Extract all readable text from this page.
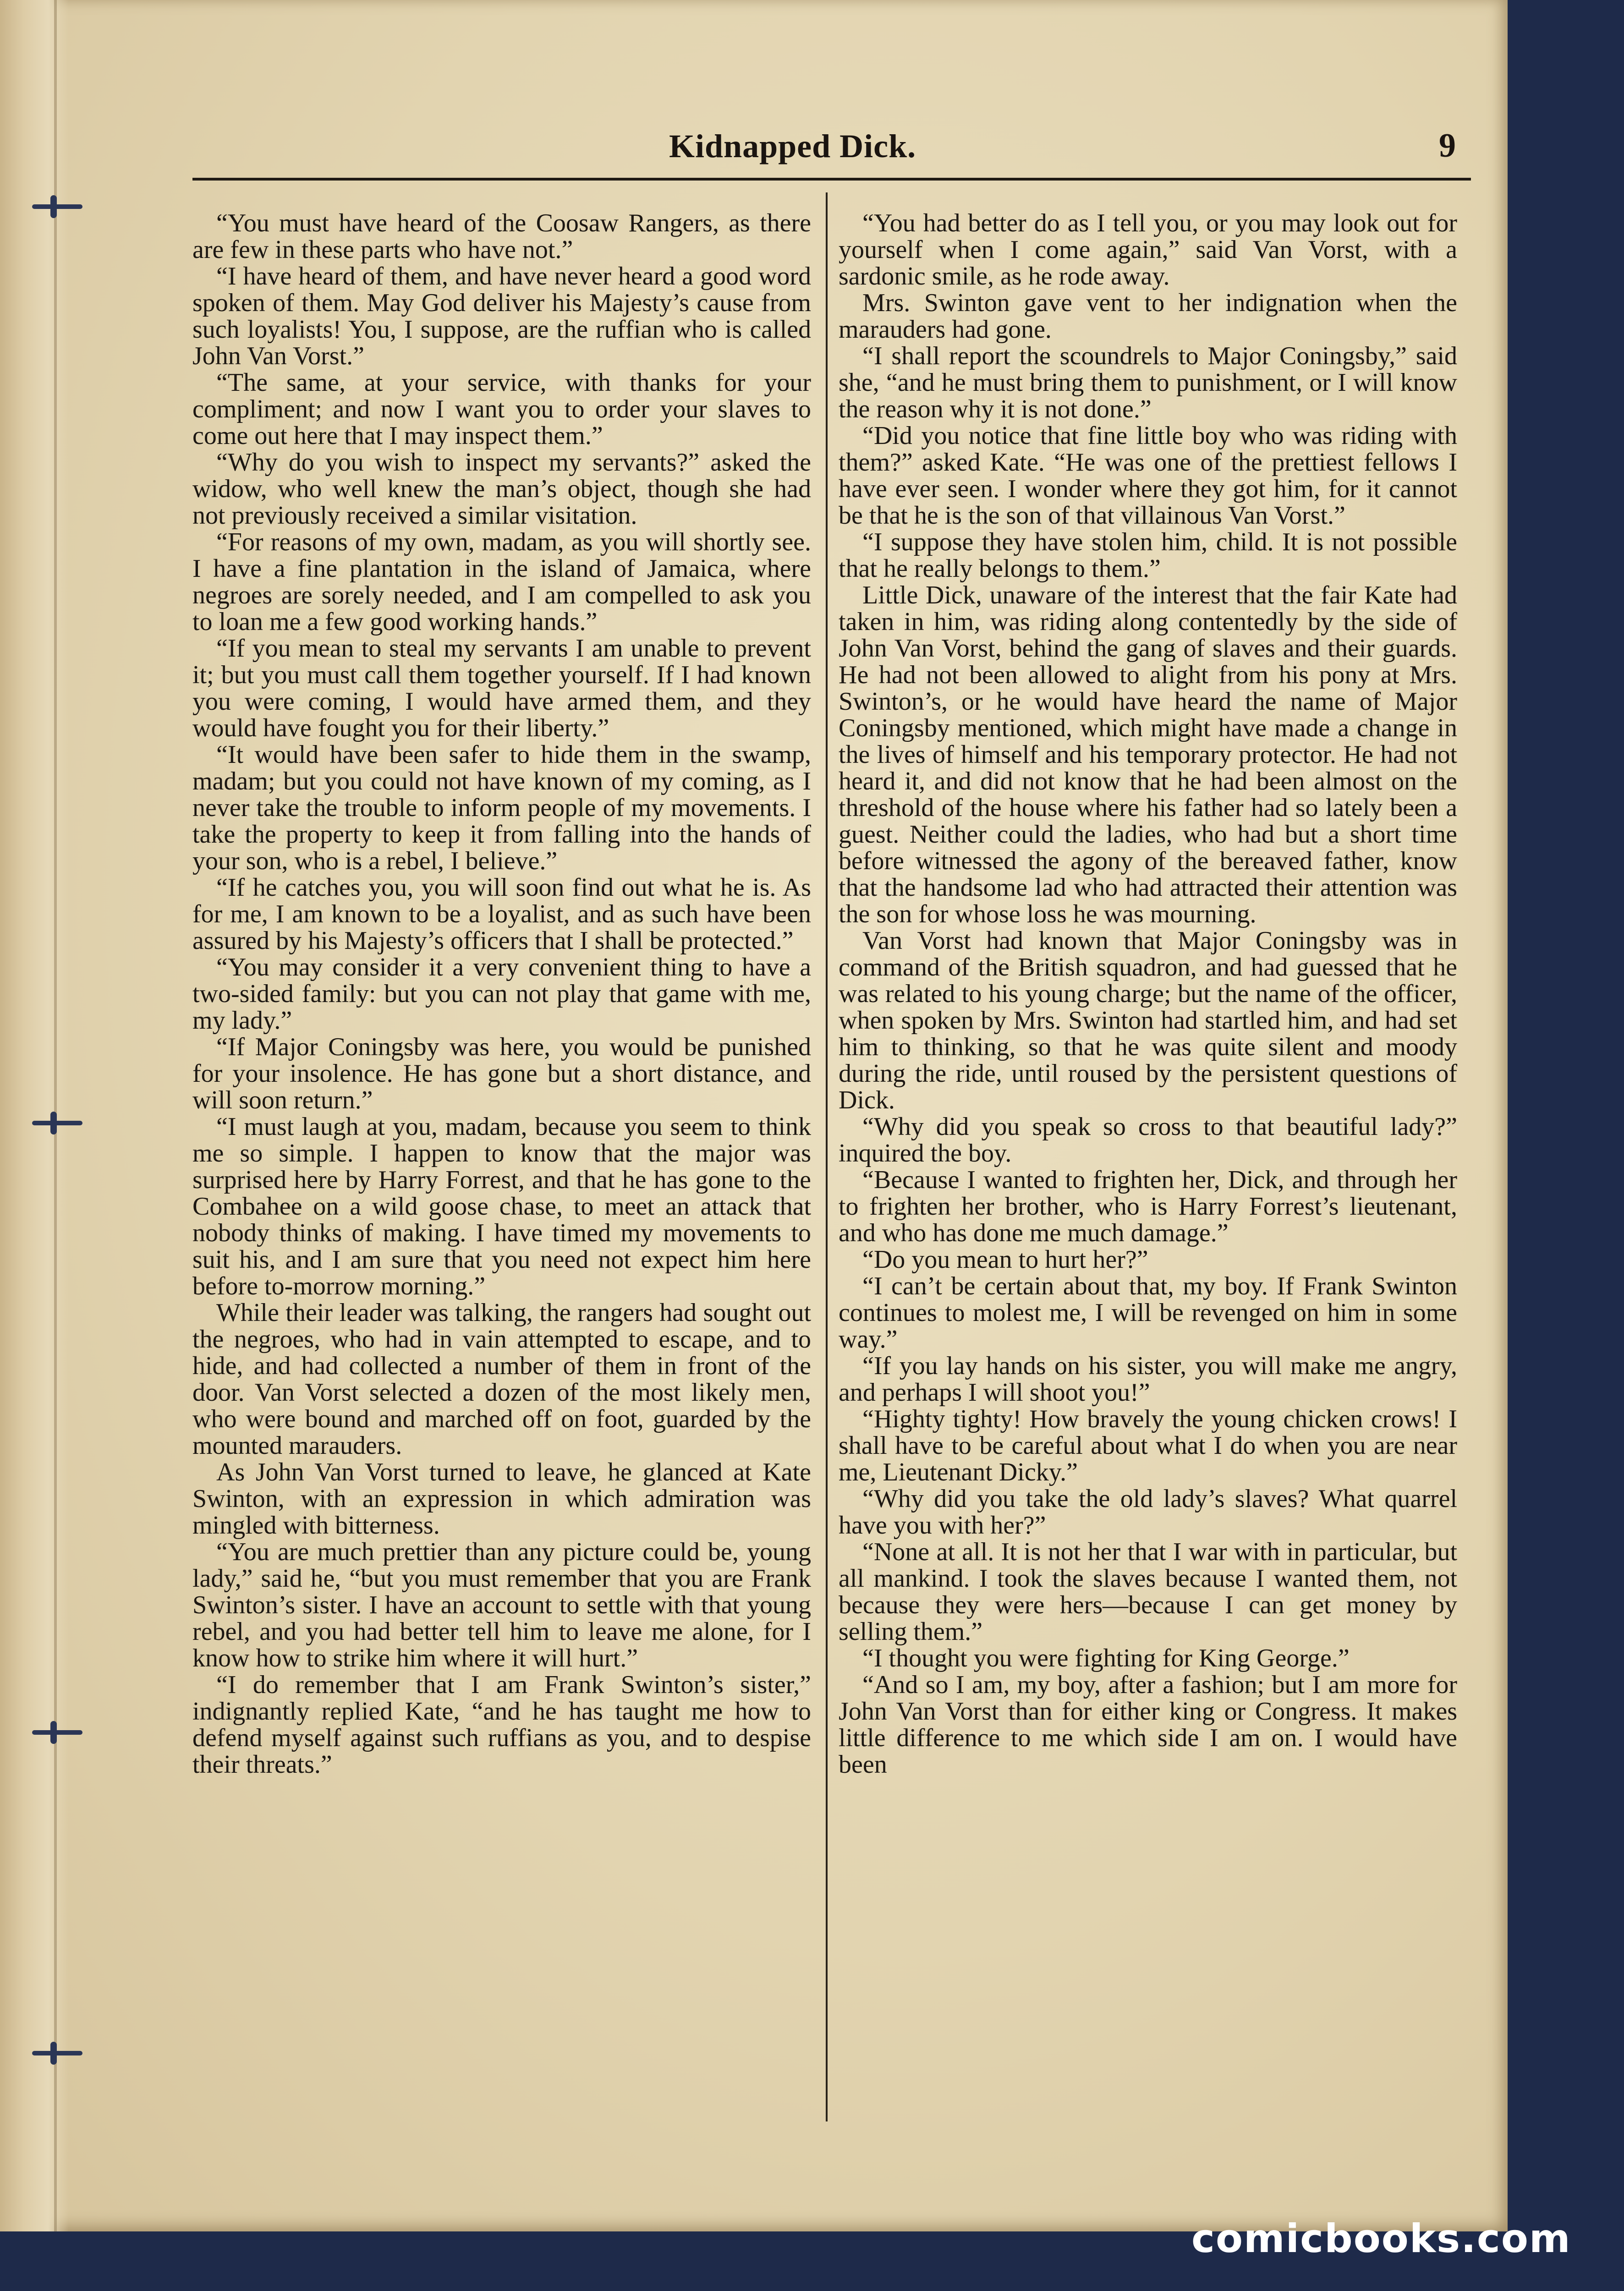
Kidnapped Dick.	9

“You must have heard of the Coosaw Rangers, as there are few in these parts who have not.”

“I have heard of them, and have never heard a good word spoken of them. May God deliver his Majesty’s cause from such loyalists! You, I suppose, are the ruffian who is called John Van Vorst.”

“The same, at your service, with thanks for your compliment; and now I want you to order your slaves to come out here that I may inspect them.”

“Why do you wish to inspect my servants?” asked the widow, who well knew the man’s object, though she had not previously received a similar visitation.

“For reasons of my own, madam, as you will shortly see. I have a fine plantation in the island of Jamaica, where negroes are sorely needed, and I am compelled to ask you to loan me a few good working hands.”

“If you mean to steal my servants I am unable to prevent it; but you must call them together yourself. If I had known you were coming, I would have armed them, and they would have fought you for their liberty.”

“It would have been safer to hide them in the swamp, madam; but you could not have known of my coming, as I never take the trouble to inform people of my movements. I take the property to keep it from falling into the hands of your son, who is a rebel, I believe.”

“If he catches you, you will soon find out what he is. As for me, I am known to be a loyalist, and as such have been assured by his Majesty’s officers that I shall be protected.”

“You may consider it a very convenient thing to have a two-sided family: but you can not play that game with me, my lady.”

“If Major Coningsby was here, you would be punished for your insolence. He has gone but a short distance, and will soon return.”

“I must laugh at you, madam, because you seem to think me so simple. I happen to know that the major was surprised here by Harry Forrest, and that he has gone to the Combahee on a wild goose chase, to meet an attack that nobody thinks of making. I have timed my movements to suit his, and I am sure that you need not expect him here before to-morrow morning.”

While their leader was talking, the rangers had sought out the negroes, who had in vain attempted to escape, and to hide, and had collected a number of them in front of the door. Van Vorst selected a dozen of the most likely men, who were bound and marched off on foot, guarded by the mounted marauders.

As John Van Vorst turned to leave, he glanced at Kate Swinton, with an expression in which admiration was mingled with bitterness.

“You are much prettier than any picture could be, young lady,” said he, “but you must remember that you are Frank Swinton’s sister. I have an account to settle with that young rebel, and you had better tell him to leave me alone, for I know how to strike him where it will hurt.”

“I do remember that I am Frank Swinton’s sister,” indignantly replied Kate, “and he has taught me how to defend myself against such ruffians as you, and to despise their threats.”

“You had better do as I tell you, or you may look out for yourself when I come again,” said Van Vorst, with a sardonic smile, as he rode away.

Mrs. Swinton gave vent to her indignation when the marauders had gone.

“I shall report the scoundrels to Major Coningsby,” said she, “and he must bring them to punishment, or I will know the reason why it is not done.”

“Did you notice that fine little boy who was riding with them?” asked Kate. “He was one of the prettiest fellows I have ever seen. I wonder where they got him, for it cannot be that he is the son of that villainous Van Vorst.”

“I suppose they have stolen him, child. It is not possible that he really belongs to them.”

Little Dick, unaware of the interest that the fair Kate had taken in him, was riding along contentedly by the side of John Van Vorst, behind the gang of slaves and their guards. He had not been allowed to alight from his pony at Mrs. Swinton’s, or he would have heard the name of Major Coningsby mentioned, which might have made a change in the lives of himself and his temporary protector. He had not heard it, and did not know that he had been almost on the threshold of the house where his father had so lately been a guest. Neither could the ladies, who had but a short time before witnessed the agony of the bereaved father, know that the handsome lad who had attracted their attention was the son for whose loss he was mourning.

Van Vorst had known that Major Coningsby was in command of the British squadron, and had guessed that he was related to his young charge; but the name of the officer, when spoken by Mrs. Swinton had startled him, and had set him to thinking, so that he was quite silent and moody during the ride, until roused by the persistent questions of Dick.

“Why did you speak so cross to that beautiful lady?” inquired the boy.

“Because I wanted to frighten her, Dick, and through her to frighten her brother, who is Harry Forrest’s lieutenant, and who has done me much damage.”

“Do you mean to hurt her?”

“I can’t be certain about that, my boy. If Frank Swinton continues to molest me, I will be revenged on him in some way.”

“If you lay hands on his sister, you will make me angry, and perhaps I will shoot you!”

“Highty tighty! How bravely the young chicken crows! I shall have to be careful about what I do when you are near me, Lieutenant Dicky.”

“Why did you take the old lady’s slaves? What quarrel have you with her?”

“None at all. It is not her that I war with in particular, but all mankind. I took the slaves because I wanted them, not because they were hers—because I can get money by selling them.”

“I thought you were fighting for King George.”

“And so I am, my boy, after a fashion; but I am more for John Van Vorst than for either king or Congress. It makes little difference to me which side I am on. I would have been

comicbooks.com
